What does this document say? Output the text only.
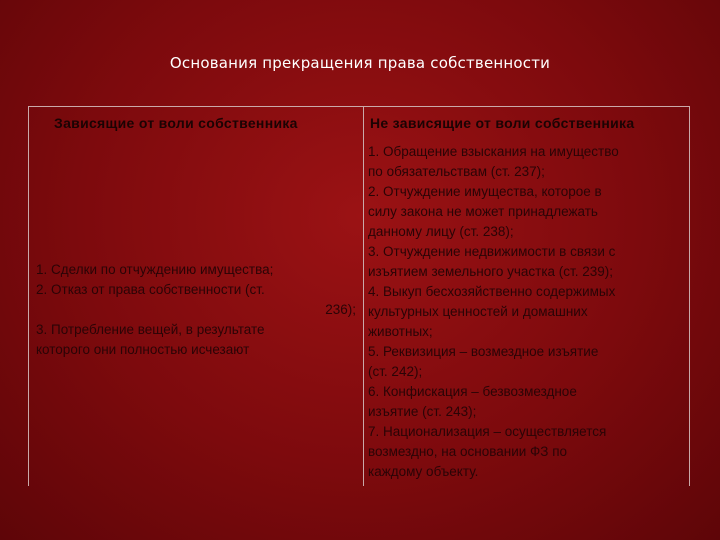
Основания прекращения права собственности
Зависящие от воли собственника	Не зависящие от воли собственника
1. Сделки по отчуждению имущества;
2. Отказ от права собственности (ст.
236);
3. Потребление вещей, в результате
которого они полностью исчезают
1. Обращение взыскания на имущество
по обязательствам (ст. 237);
2. Отчуждение имущества, которое в
силу закона не может принадлежать
данному лицу (ст. 238);
3. Отчуждение недвижимости в связи с
изъятием земельного участка (ст. 239);
4. Выкуп бесхозяйственно содержимых
культурных ценностей и домашних
животных;
5. Реквизиция – возмездное изъятие
(ст. 242);
6. Конфискация – безвозмездное
изъятие (ст. 243);
7. Национализация – осуществляется
возмездно, на основании ФЗ по
каждому объекту.
